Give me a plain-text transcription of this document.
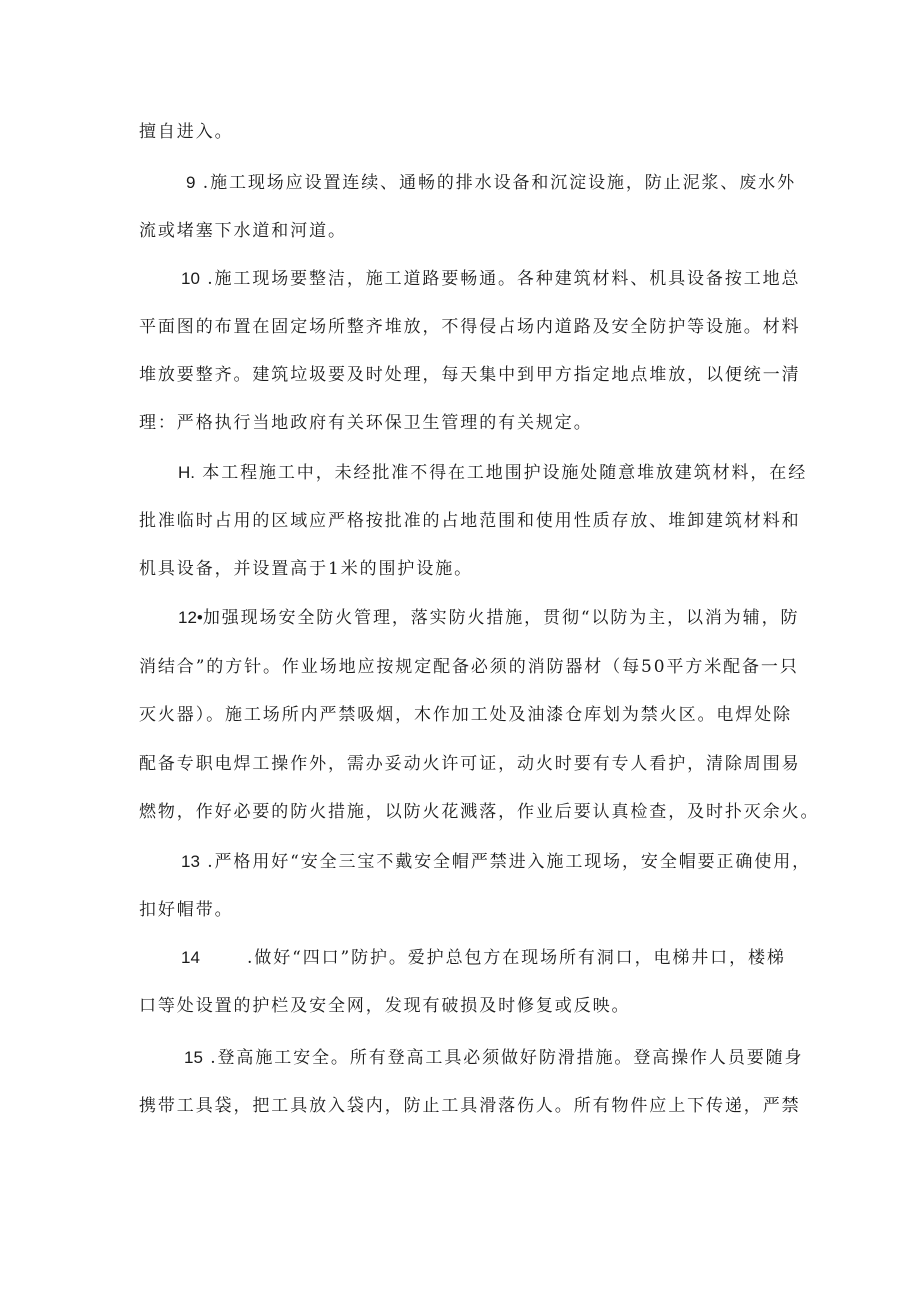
擅自进入。
9 .施工现场应设置连续、通畅的排水设备和沉淀设施，防止泥浆、废水外
流或堵塞下水道和河道。
10 .施工现场要整洁，施工道路要畅通。各种建筑材料、机具设备按工地总
平面图的布置在固定场所整齐堆放，不得侵占场内道路及安全防护等设施。材料
堆放要整齐。建筑垃圾要及时处理，每天集中到甲方指定地点堆放，以便统一清
理：严格执行当地政府有关环保卫生管理的有关规定。
H. 本工程施工中，未经批准不得在工地围护设施处随意堆放建筑材料，在经
批准临时占用的区域应严格按批准的占地范围和使用性质存放、堆卸建筑材料和
机具设备，并设置高于1米的围护设施。
12•加强现场安全防火管理，落实防火措施，贯彻“以防为主，以消为辅，防
消结合”的方针。作业场地应按规定配备必须的消防器材（每50平方米配备一只
灭火器）。施工场所内严禁吸烟，木作加工处及油漆仓库划为禁火区。电焊处除
配备专职电焊工操作外，需办妥动火许可证，动火时要有专人看护，清除周围易
燃物，作好必要的防火措施，以防火花溅落，作业后要认真检查，及时扑灭余火。
13 .严格用好“安全三宝不戴安全帽严禁进入施工现场，安全帽要正确使用，
扣好帽带。
14	.做好“四口”防护。爱护总包方在现场所有洞口，电梯井口，楼梯
口等处设置的护栏及安全网，发现有破损及时修复或反映。
15 .登高施工安全。所有登高工具必须做好防滑措施。登高操作人员要随身
携带工具袋，把工具放入袋内，防止工具滑落伤人。所有物件应上下传递，严禁
